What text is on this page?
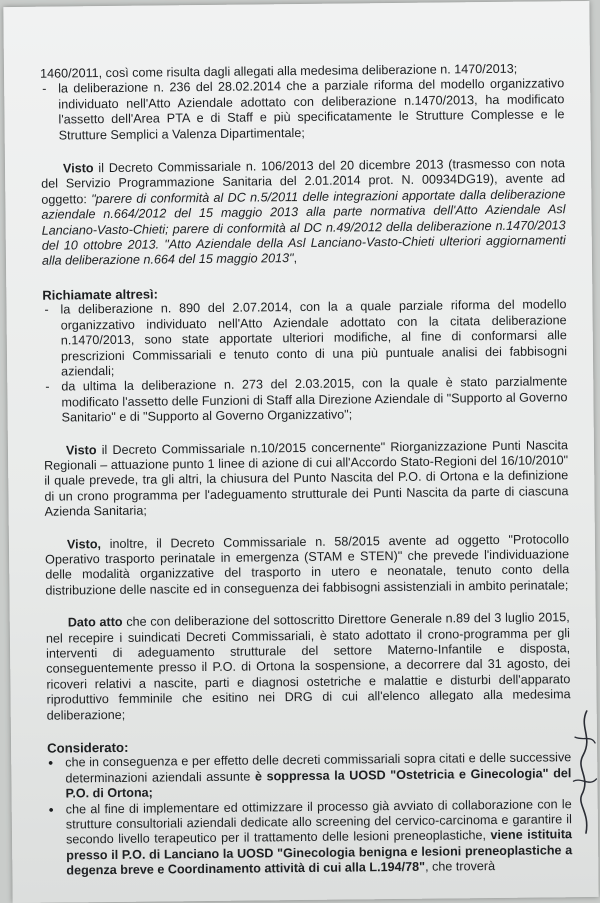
1460/2011, così come risulta dagli allegati alla medesima deliberazione n. 1470/2013;

- la deliberazione n. 236 del 28.02.2014 che a parziale riforma del modello organizzativo individuato nell'Atto Aziendale adottato con deliberazione n.1470/2013, ha modificato l'assetto dell'Area PTA e di Staff e più specificatamente le Strutture Complesse e le Strutture Semplici a Valenza Dipartimentale;

Visto il Decreto Commissariale n. 106/2013 del 20 dicembre 2013 (trasmesso con nota del Servizio Programmazione Sanitaria del 2.01.2014 prot. N. 00934DG19), avente ad oggetto: "parere di conformità al DC n.5/2011 delle integrazioni apportate dalla deliberazione aziendale n.664/2012 del 15 maggio 2013 alla parte normativa dell'Atto Aziendale Asl Lanciano-Vasto-Chieti; parere di conformità al DC n.49/2012 della deliberazione n.1470/2013 del 10 ottobre 2013. "Atto Aziendale della Asl Lanciano-Vasto-Chieti ulteriori aggiornamenti alla deliberazione n.664 del 15 maggio 2013",

Richiamate altresì:

- la deliberazione n. 890 del 2.07.2014, con la a quale parziale riforma del modello organizzativo individuato nell'Atto Aziendale adottato con la citata deliberazione n.1470/2013, sono state apportate ulteriori modifiche, al fine di conformarsi alle prescrizioni Commissariali e tenuto conto di una più puntuale analisi dei fabbisogni aziendali;
- da ultima la deliberazione n. 273 del 2.03.2015, con la quale è stato parzialmente modificato l'assetto delle Funzioni di Staff alla Direzione Aziendale di "Supporto al Governo Sanitario" e di "Supporto al Governo Organizzativo";

Visto il Decreto Commissariale n.10/2015 concernente" Riorganizzazione Punti Nascita Regionali – attuazione punto 1 linee di azione di cui all'Accordo Stato-Regioni del 16/10/2010" il quale prevede, tra gli altri, la chiusura del Punto Nascita del P.O. di Ortona e la definizione di un crono programma per l'adeguamento strutturale dei Punti Nascita da parte di ciascuna Azienda Sanitaria;

Visto, inoltre, il Decreto Commissariale n. 58/2015 avente ad oggetto "Protocollo Operativo trasporto perinatale in emergenza (STAM e STEN)" che prevede l'individuazione delle modalità organizzative del trasporto in utero e neonatale, tenuto conto della distribuzione delle nascite ed in conseguenza dei fabbisogni assistenziali in ambito perinatale;

Dato atto che con deliberazione del sottoscritto Direttore Generale n.89 del 3 luglio 2015, nel recepire i suindicati Decreti Commissariali, è stato adottato il crono-programma per gli interventi di adeguamento strutturale del settore Materno-Infantile e disposta, conseguentemente presso il P.O. di Ortona la sospensione, a decorrere dal 31 agosto, dei ricoveri relativi a nascite, parti e diagnosi ostetriche e malattie e disturbi dell'apparato riproduttivo femminile che esitino nei DRG di cui all'elenco allegato alla medesima deliberazione;

Considerato:

• che in conseguenza e per effetto delle decreti commissariali sopra citati e delle successive determinazioni aziendali assunte è soppressa la UOSD "Ostetricia e Ginecologia" del P.O. di Ortona;
• che al fine di implementare ed ottimizzare il processo già avviato di collaborazione con le strutture consultoriali aziendali dedicate allo screening del cervico-carcinoma e garantire il secondo livello terapeutico per il trattamento delle lesioni preneoplastiche, viene istituita presso il P.O. di Lanciano la UOSD "Ginecologia benigna e lesioni preneoplastiche a degenza breve e Coordinamento attività di cui alla L.194/78", che troverà
